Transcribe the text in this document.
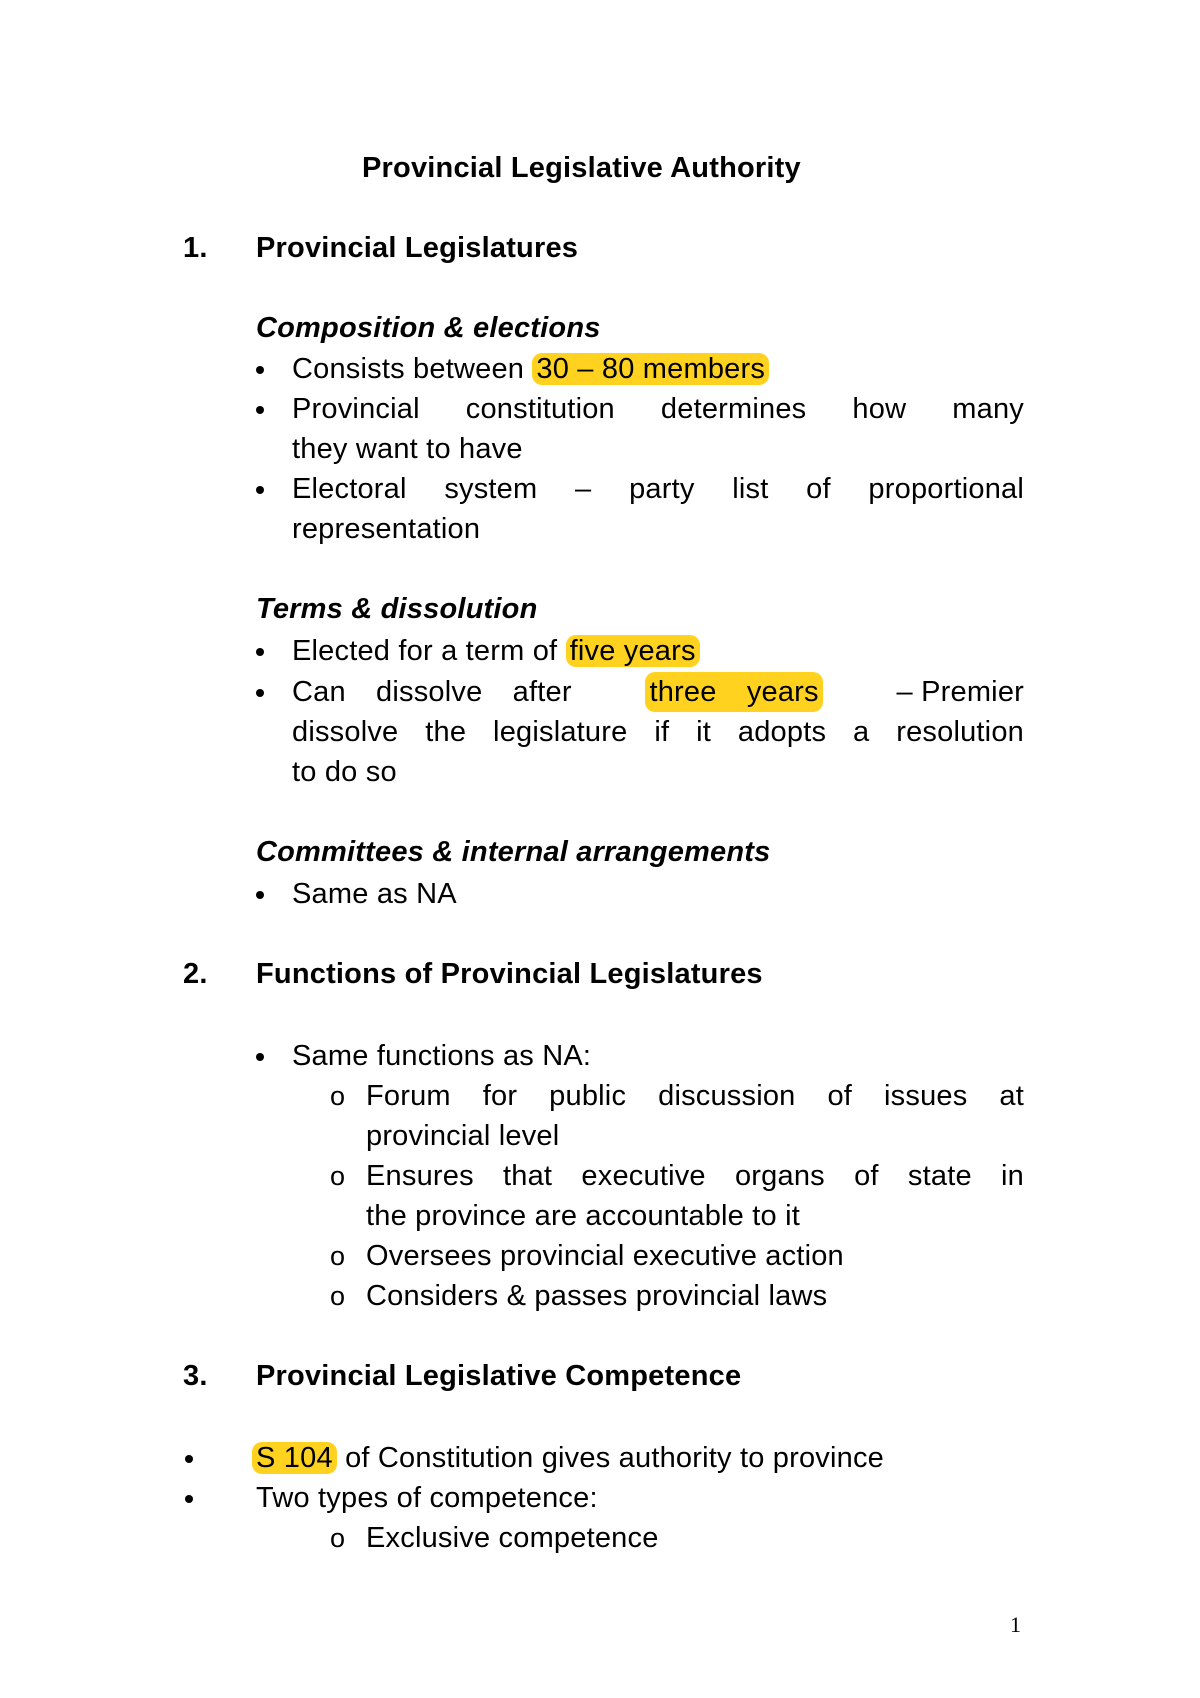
Provincial Legislative Authority
1. Provincial Legislatures
Composition & elections
Consists between 30 – 80 members
Provincial constitution determines how many
they want to have
Electoral system – party list of proportional
representation
Terms & dissolution
Elected for a term of five years
Can dissolve after	three years	– Premier
dissolve the legislature if it adopts a resolution
to do so
Committees & internal arrangements
Same as NA
2. Functions of Provincial Legislatures
Same functions as NA:
o Forum for public discussion of issues at
provincial level
o Ensures that executive organs of state in
the province are accountable to it
o Oversees provincial executive action
o Considers & passes provincial laws
3. Provincial Legislative Competence
S 104 of Constitution gives authority to province
Two types of competence:
o Exclusive competence
1
